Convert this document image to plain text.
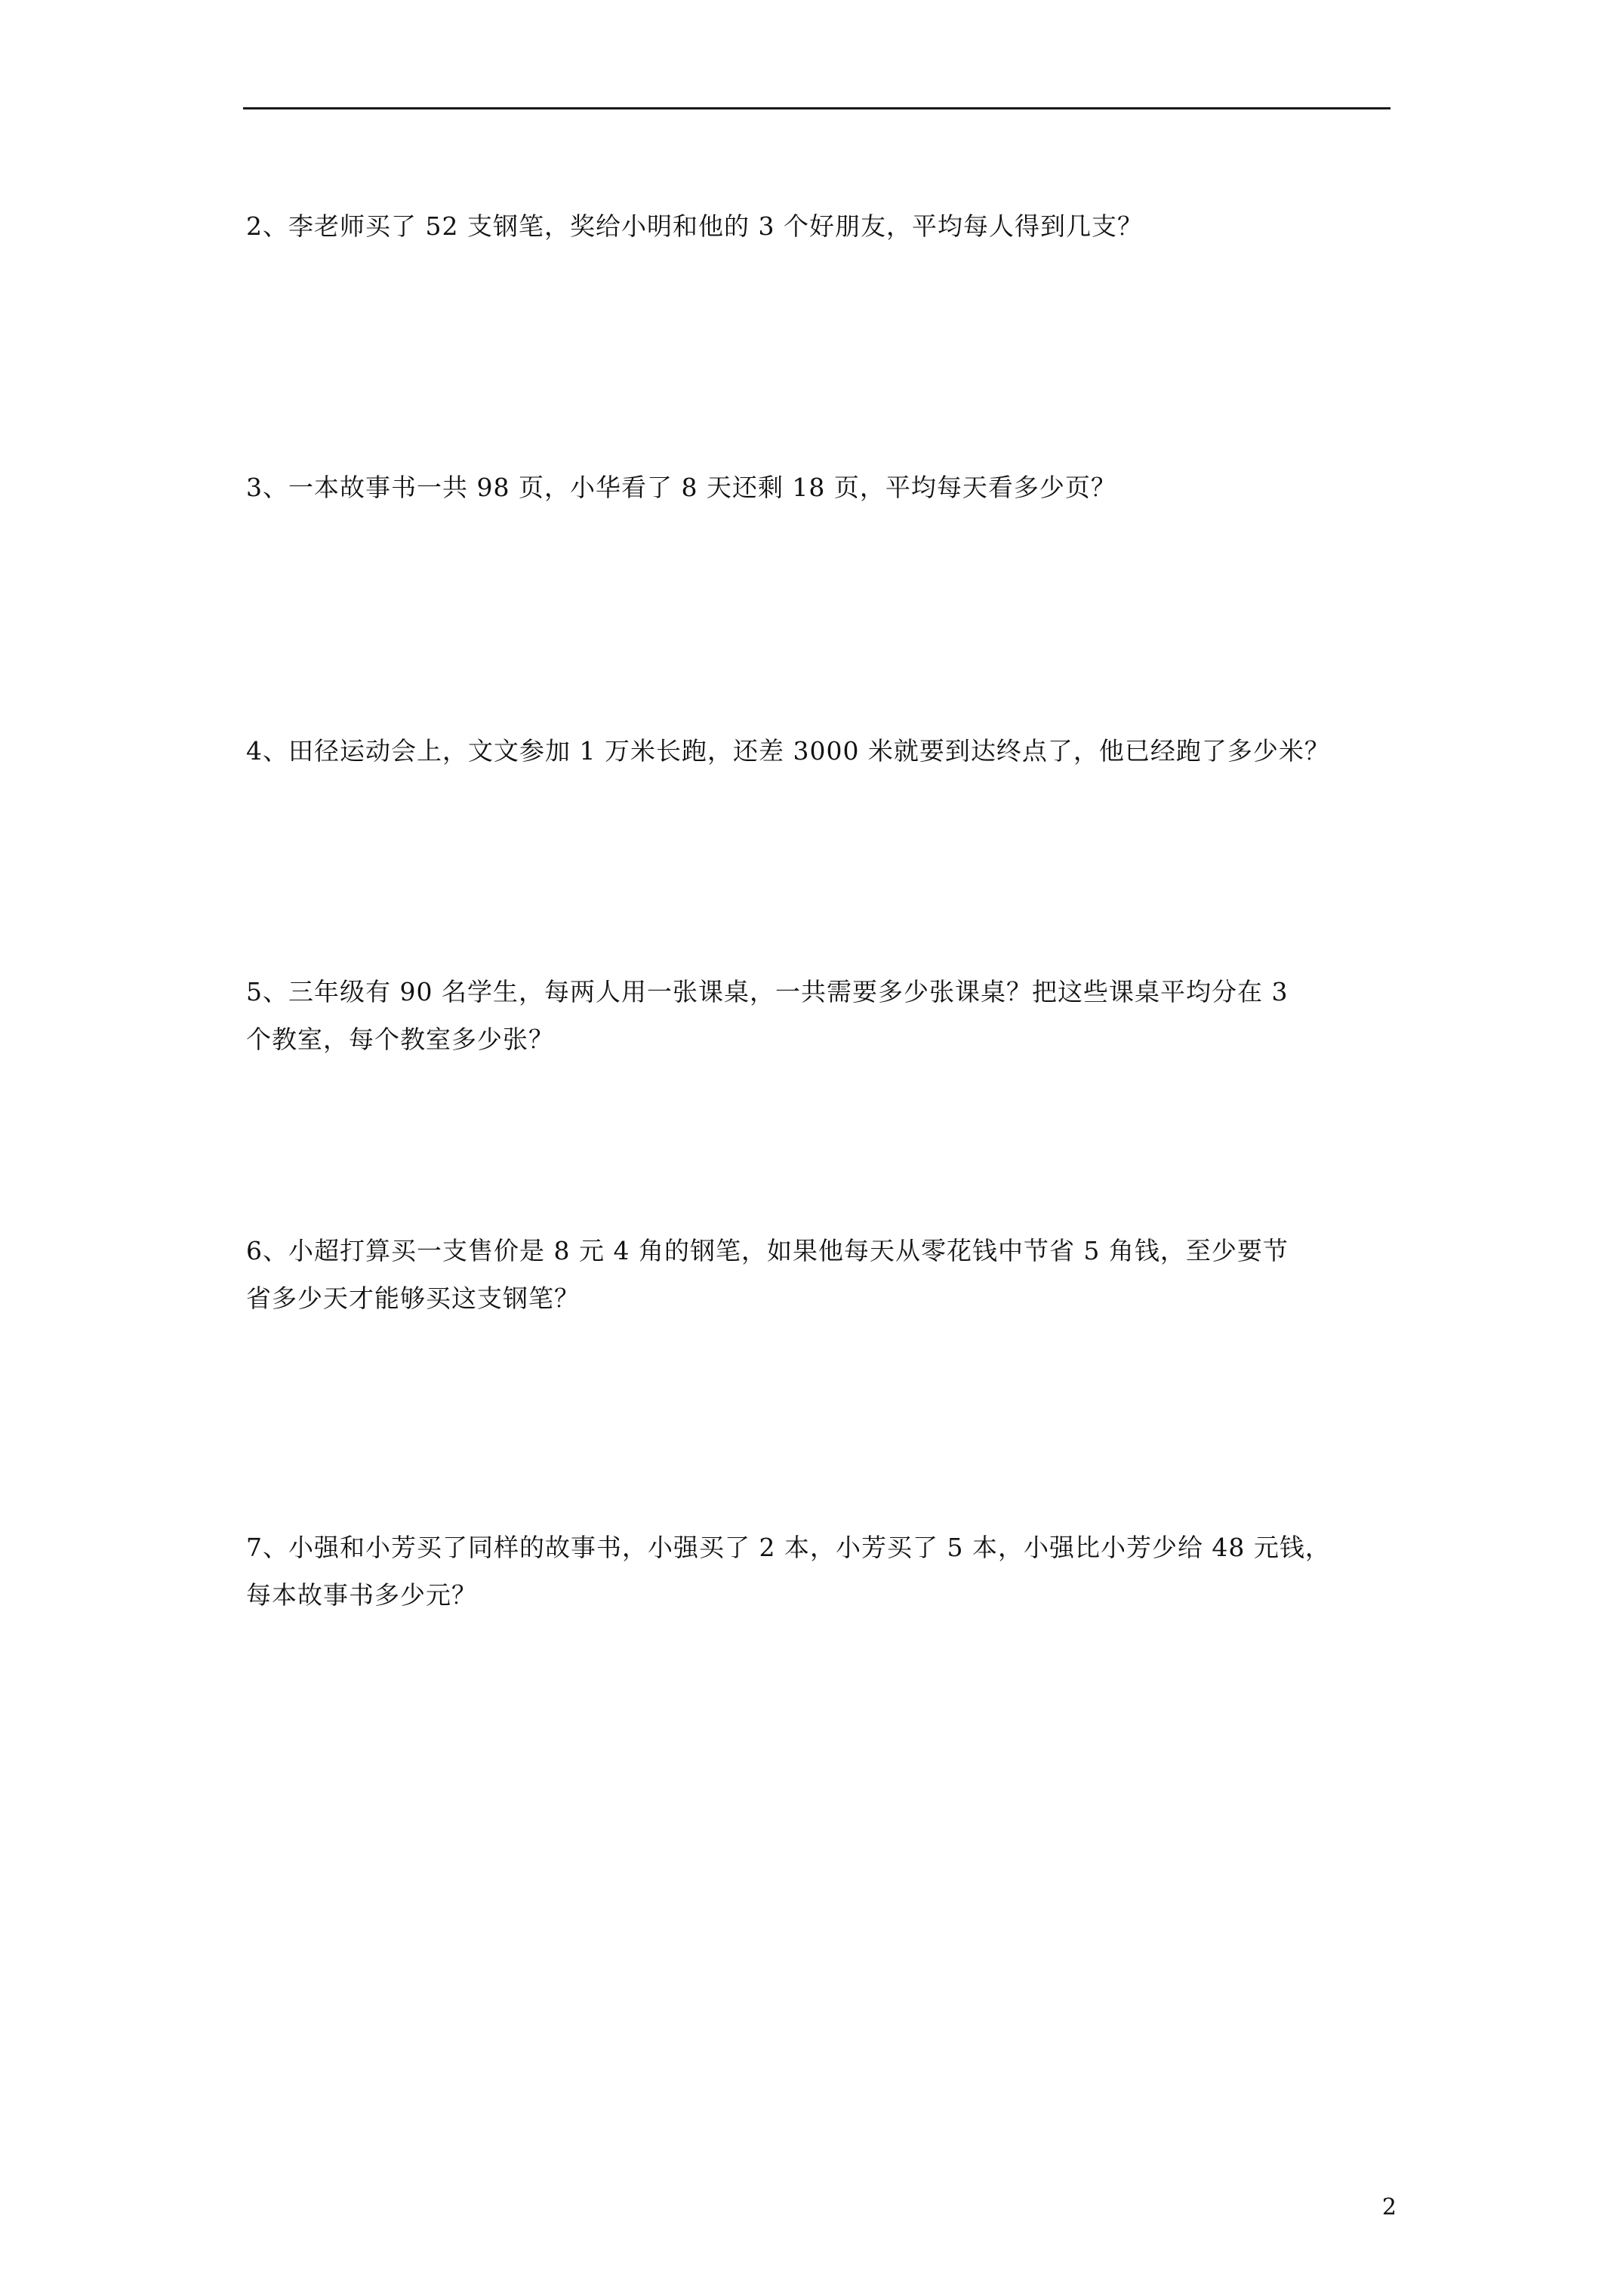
2、李老师买了 52 支钢笔，奖给小明和他的 3 个好朋友，平均每人得到几支？
3、一本故事书一共 98 页，小华看了 8 天还剩 18 页，平均每天看多少页？
4、田径运动会上，文文参加 1 万米长跑，还差 3000 米就要到达终点了，他已经跑了多少米？
5、三年级有 90 名学生，每两人用一张课桌，一共需要多少张课桌？把这些课桌平均分在 3
个教室，每个教室多少张？
6、小超打算买一支售价是 8 元 4 角的钢笔，如果他每天从零花钱中节省 5 角钱，至少要节
省多少天才能够买这支钢笔？
7、小强和小芳买了同样的故事书，小强买了 2 本，小芳买了 5 本，小强比小芳少给 48 元钱，
每本故事书多少元？
2
